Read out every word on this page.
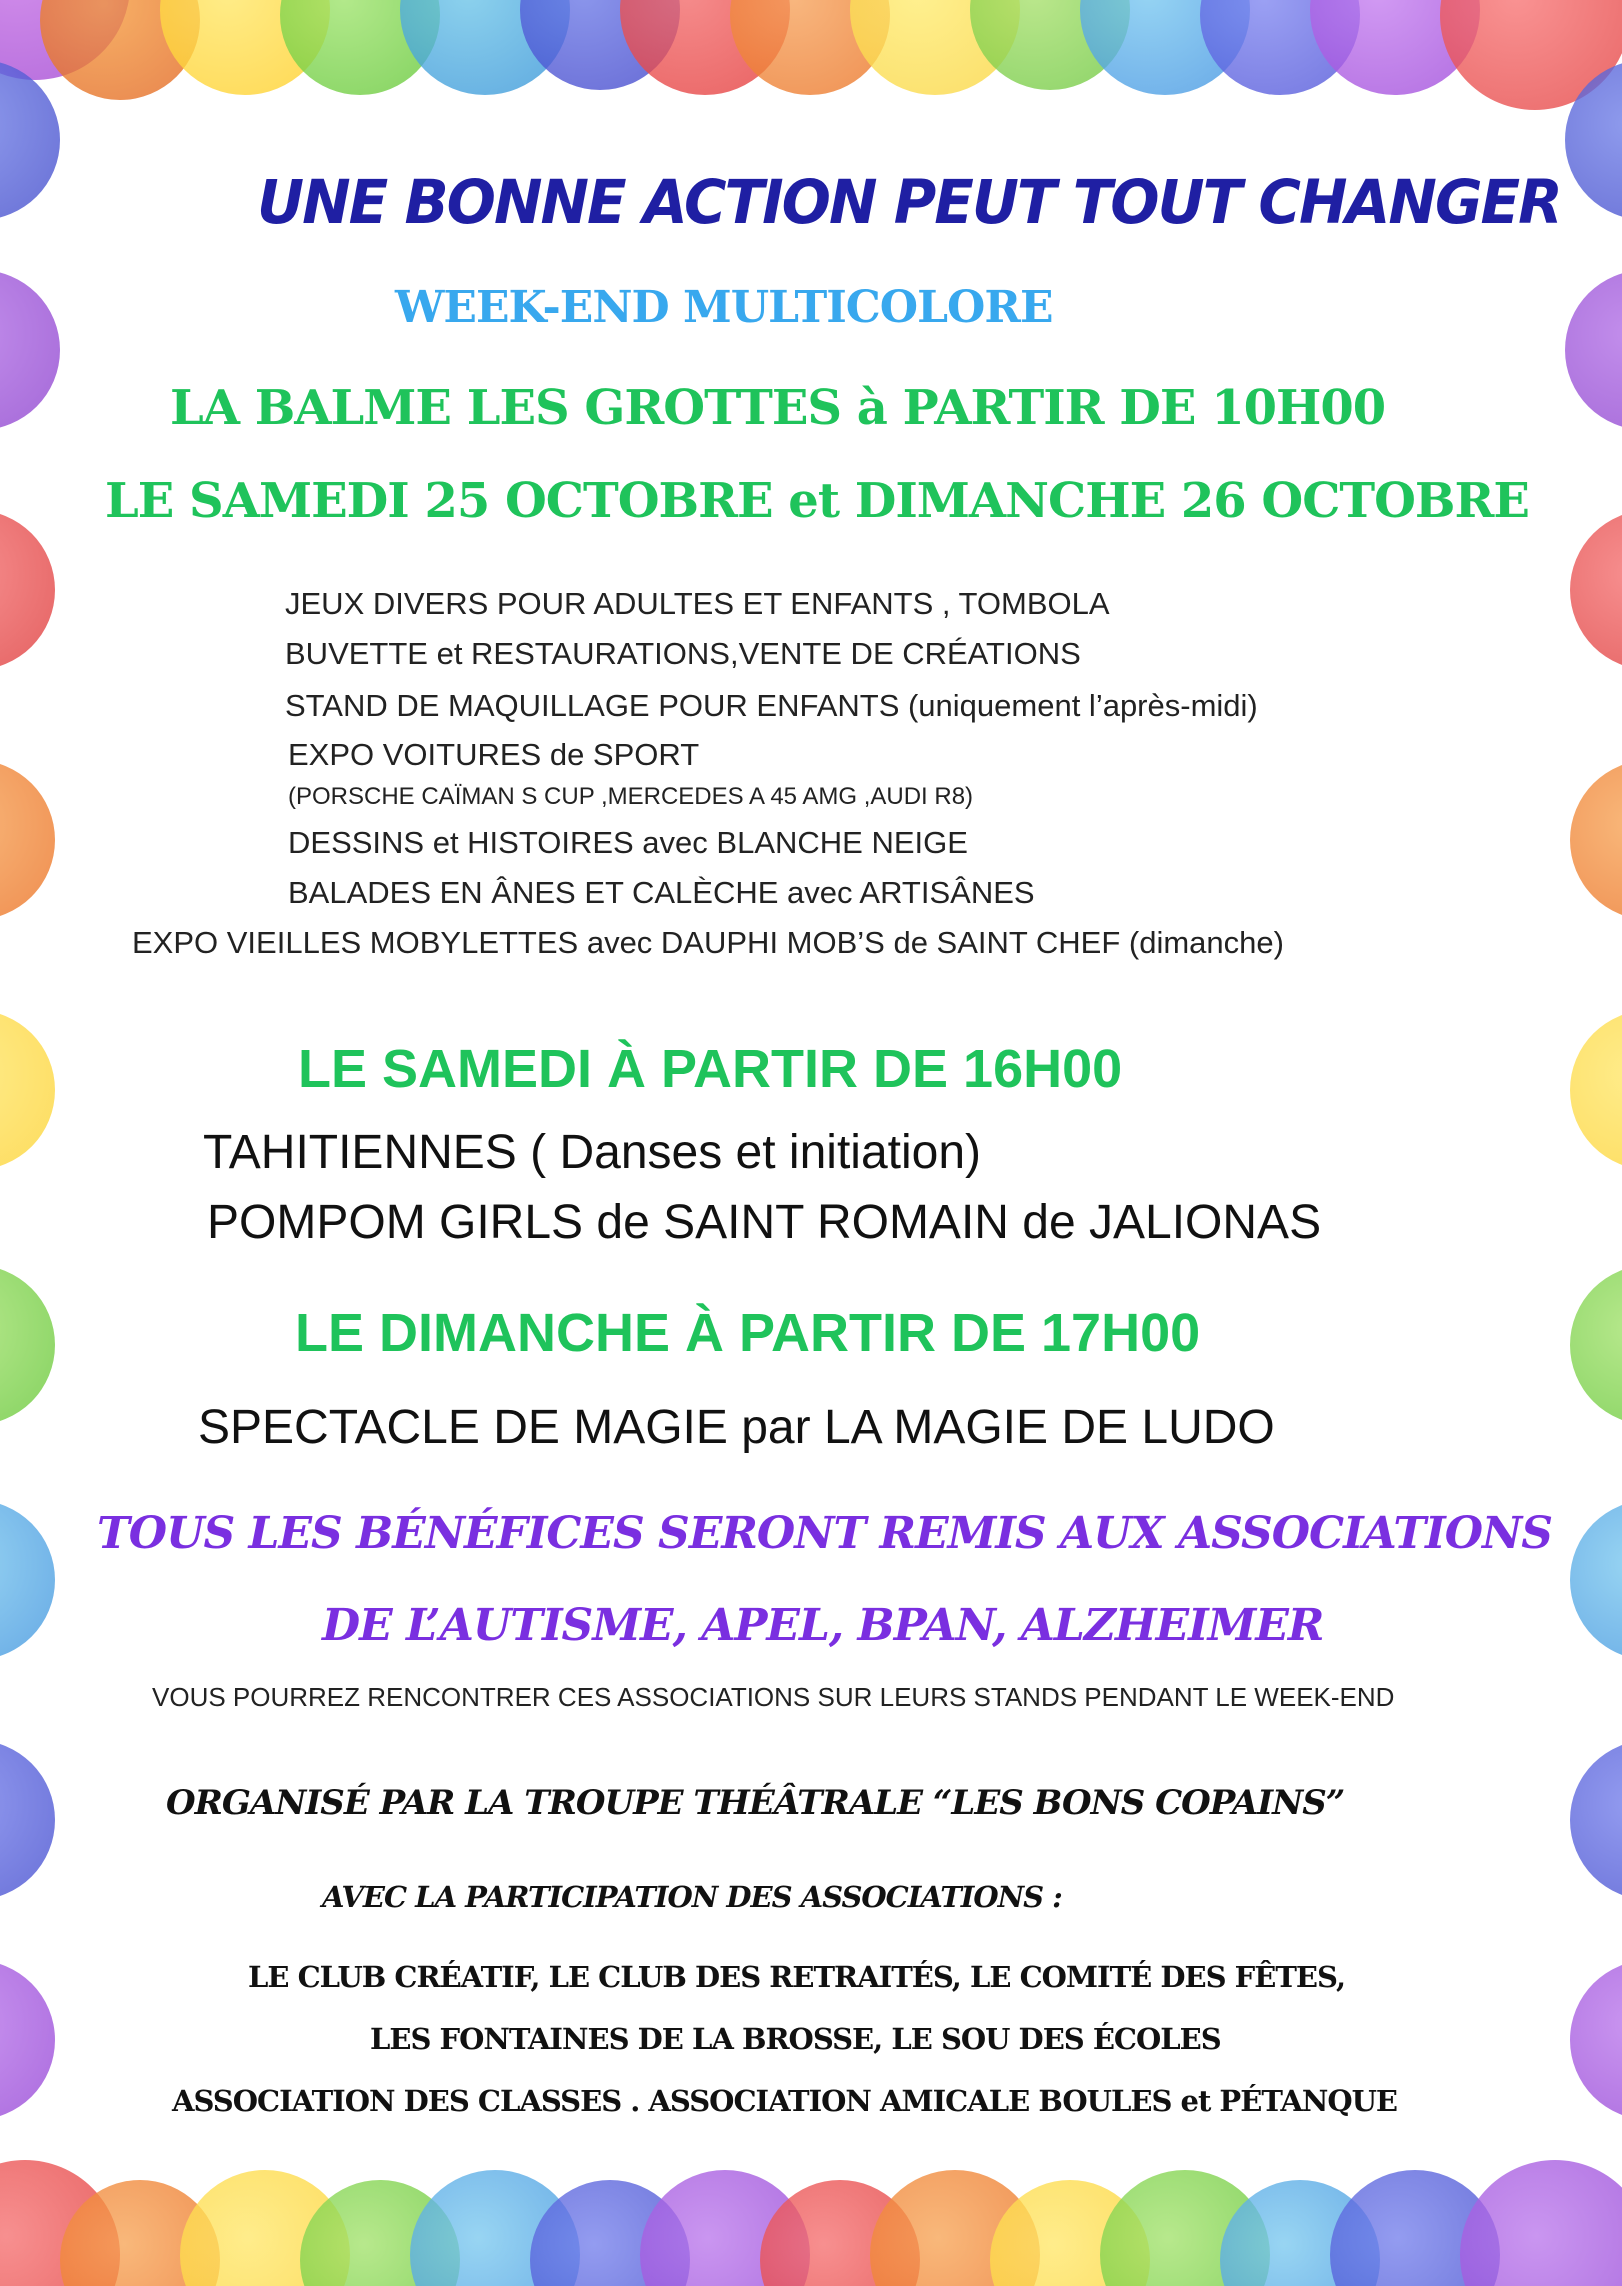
UNE BONNE ACTION PEUT TOUT CHANGER
WEEK-END MULTICOLORE
LA BALME LES GROTTES à PARTIR DE 10H00
LE SAMEDI 25 OCTOBRE et DIMANCHE 26 OCTOBRE
JEUX DIVERS POUR ADULTES ET ENFANTS , TOMBOLA
BUVETTE et RESTAURATIONS,VENTE DE CRÉATIONS
STAND DE MAQUILLAGE POUR ENFANTS (uniquement l’après-midi)
EXPO VOITURES de SPORT
(PORSCHE CAÏMAN S CUP ,MERCEDES A 45 AMG ,AUDI R8)
DESSINS et HISTOIRES avec BLANCHE NEIGE
BALADES EN ÂNES ET CALÈCHE avec ARTISÂNES
EXPO VIEILLES MOBYLETTES avec DAUPHI MOB’S de SAINT CHEF (dimanche)
LE SAMEDI À PARTIR DE 16H00
TAHITIENNES ( Danses et initiation)
POMPOM GIRLS de SAINT ROMAIN de JALIONAS
LE DIMANCHE À PARTIR DE 17H00
SPECTACLE DE MAGIE par LA MAGIE DE LUDO
TOUS LES BÉNÉFICES SERONT REMIS AUX ASSOCIATIONS
DE L’AUTISME, APEL, BPAN, ALZHEIMER
VOUS POURREZ RENCONTRER CES ASSOCIATIONS SUR LEURS STANDS PENDANT LE WEEK-END
ORGANISÉ PAR LA TROUPE THÉÂTRALE “LES BONS COPAINS”
AVEC LA PARTICIPATION DES ASSOCIATIONS :
LE CLUB CRÉATIF, LE CLUB DES RETRAITÉS, LE COMITÉ DES FÊTES,
LES FONTAINES DE LA BROSSE, LE SOU DES ÉCOLES
ASSOCIATION DES CLASSES . ASSOCIATION AMICALE BOULES et PÉTANQUE
